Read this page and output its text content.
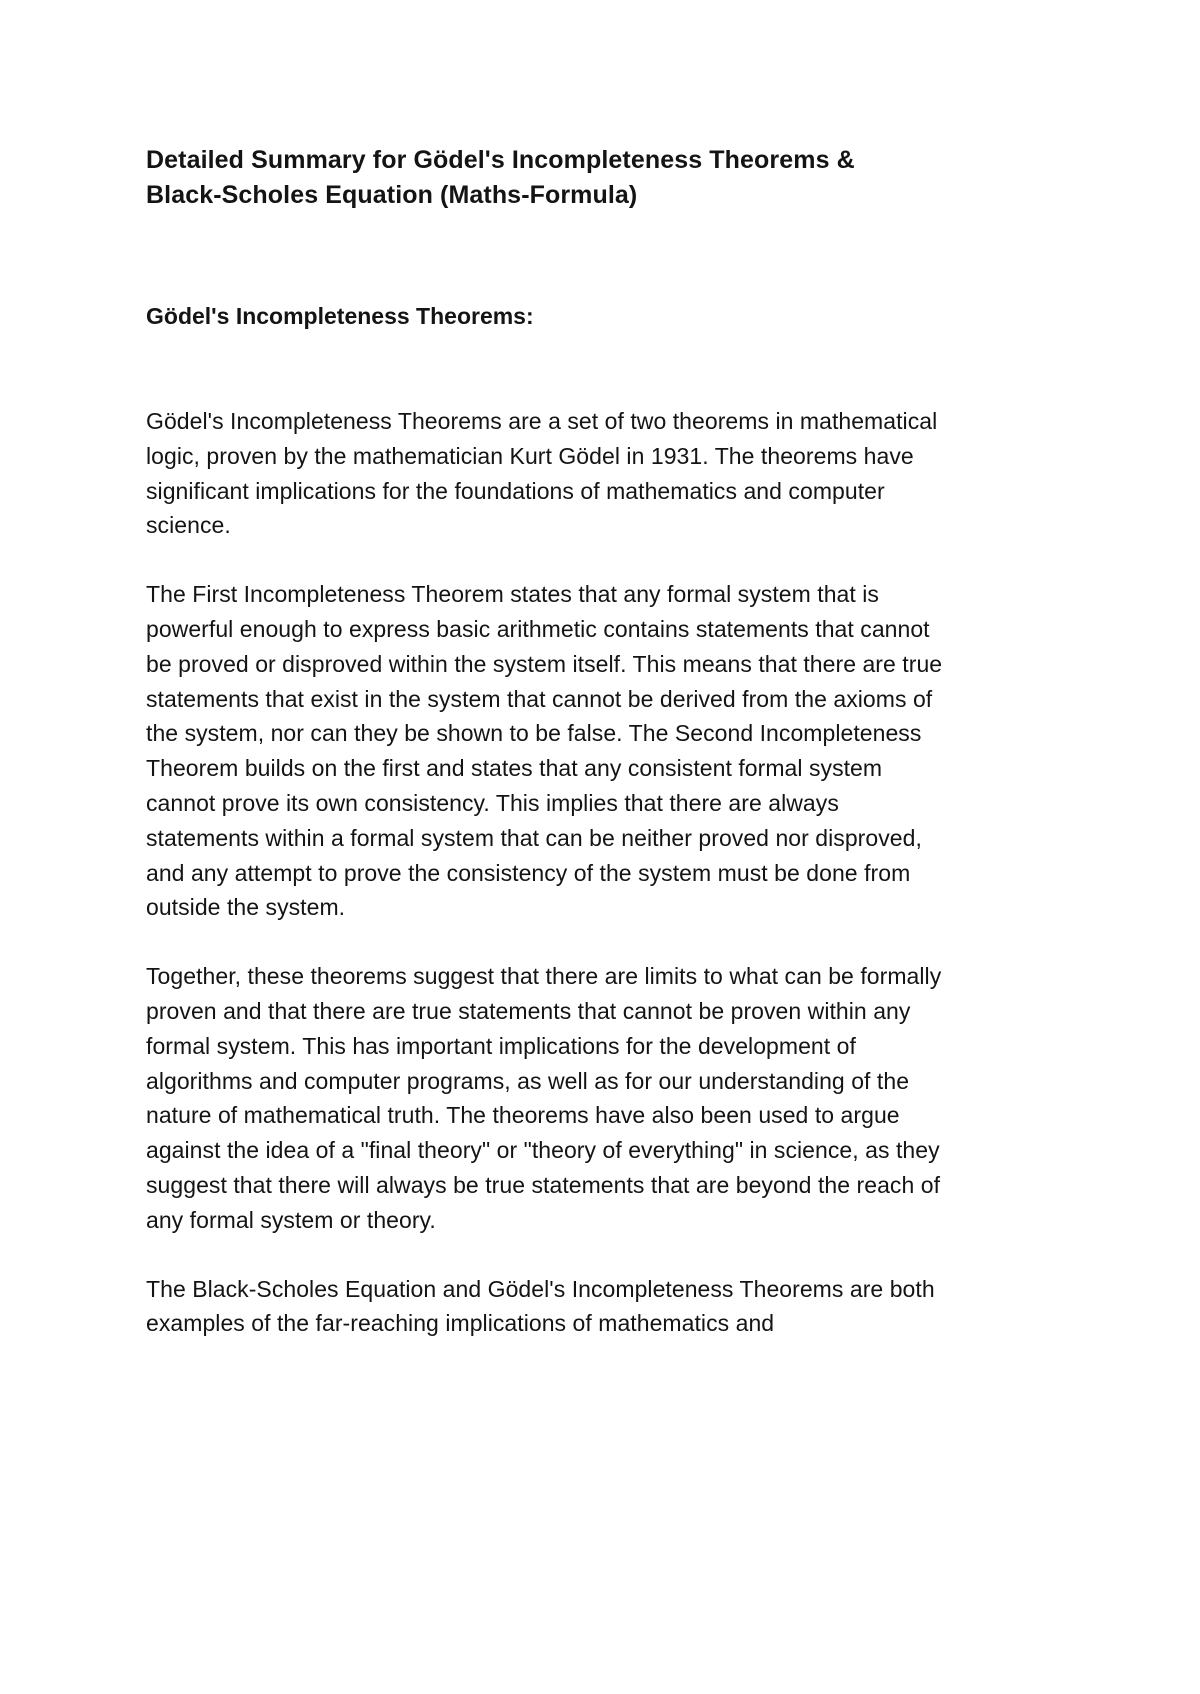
Detailed Summary for Gödel's Incompleteness Theorems &
Black-Scholes Equation (Maths-Formula)
Gödel's Incompleteness Theorems:

Gödel's Incompleteness Theorems are a set of two theorems in mathematical
logic, proven by the mathematician Kurt Gödel in 1931. The theorems have
significant implications for the foundations of mathematics and computer
science.

The First Incompleteness Theorem states that any formal system that is
powerful enough to express basic arithmetic contains statements that cannot
be proved or disproved within the system itself. This means that there are true
statements that exist in the system that cannot be derived from the axioms of
the system, nor can they be shown to be false. The Second Incompleteness
Theorem builds on the first and states that any consistent formal system
cannot prove its own consistency. This implies that there are always
statements within a formal system that can be neither proved nor disproved,
and any attempt to prove the consistency of the system must be done from
outside the system.

Together, these theorems suggest that there are limits to what can be formally
proven and that there are true statements that cannot be proven within any
formal system. This has important implications for the development of
algorithms and computer programs, as well as for our understanding of the
nature of mathematical truth. The theorems have also been used to argue
against the idea of a "final theory" or "theory of everything" in science, as they
suggest that there will always be true statements that are beyond the reach of
any formal system or theory.

The Black-Scholes Equation and Gödel's Incompleteness Theorems are both
examples of the far-reaching implications of mathematics and
